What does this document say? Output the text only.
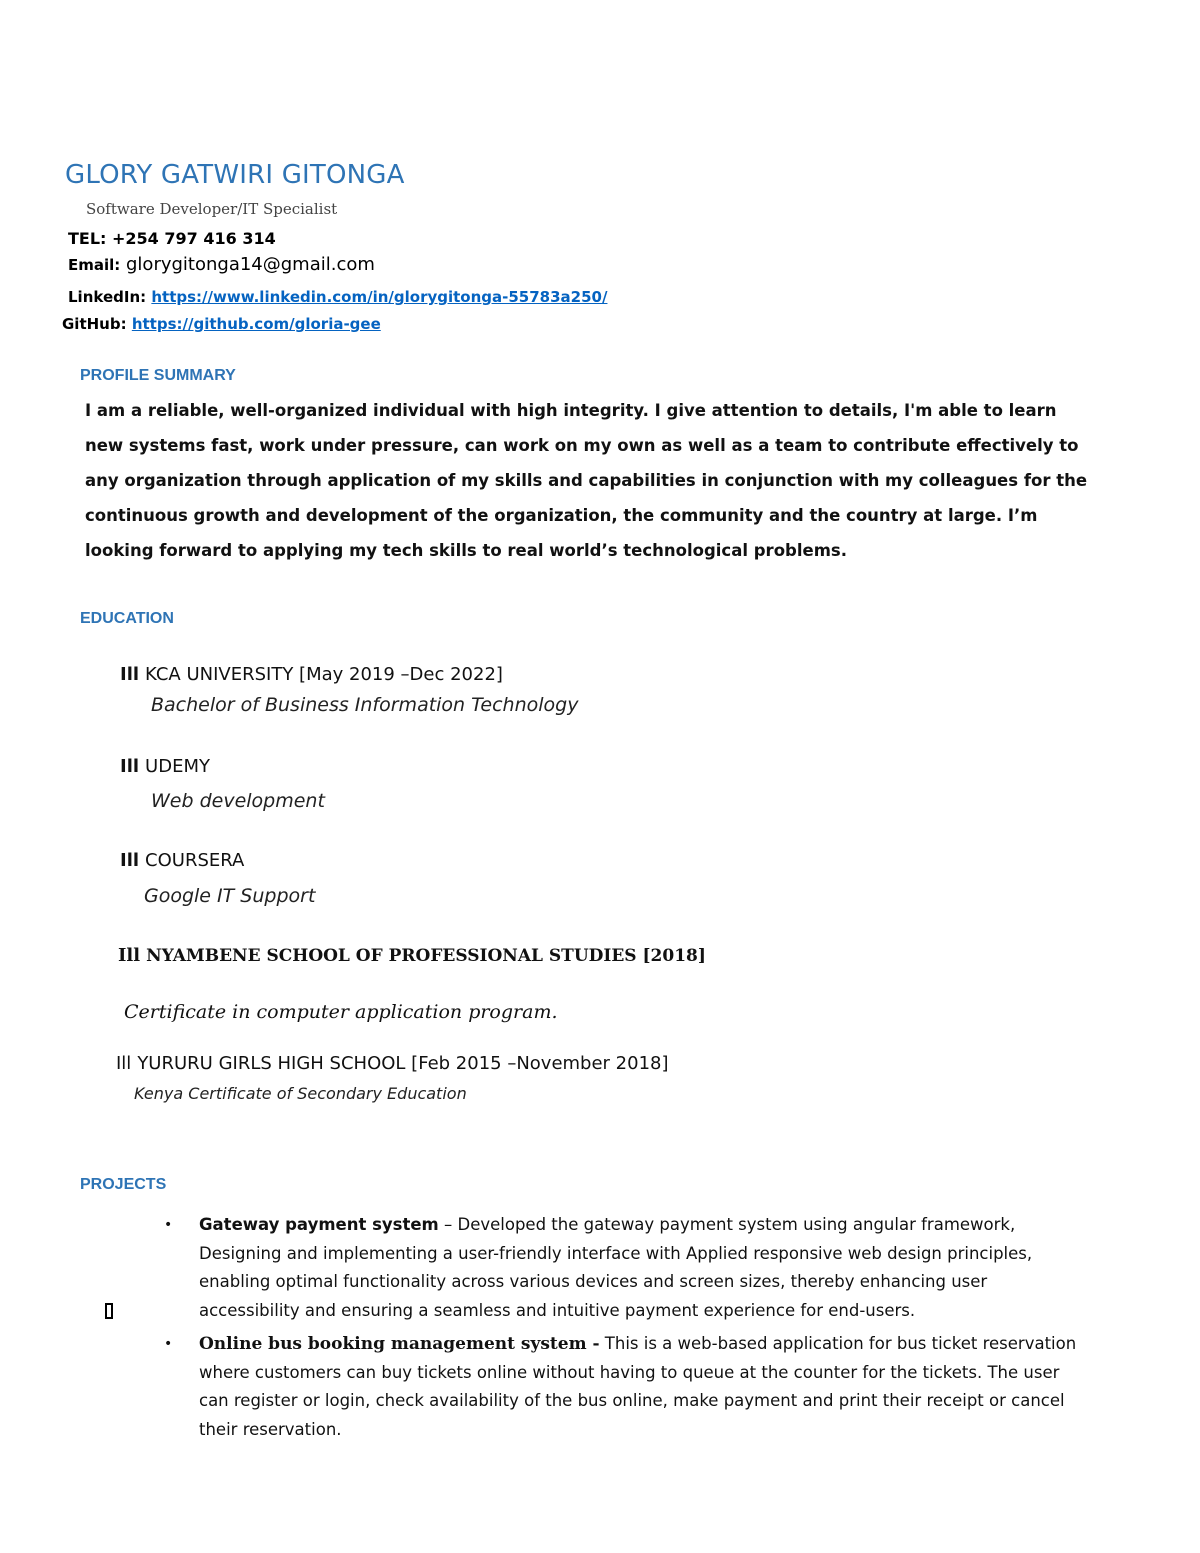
GLORY GATWIRI GITONGA
Software Developer/IT Specialist
TEL: +254 797 416 314
Email: glorygitonga14@gmail.com
LinkedIn: https://www.linkedin.com/in/glorygitonga-55783a250/
GitHub: https://github.com/gloria-gee
PROFILE SUMMARY
I am a reliable, well-organized individual with high integrity. I give attention to details, I'm able to learn new systems fast, work under pressure, can work on my own as well as a team to contribute effectively to any organization through application of my skills and capabilities in conjunction with my colleagues for the continuous growth and development of the organization, the community and the country at large. I’m looking forward to applying my tech skills to real world’s technological problems.
EDUCATION
Ill KCA UNIVERSITY [May 2019 –Dec 2022]
Bachelor of Business Information Technology
Ill UDEMY
Web development
Ill COURSERA
Google IT Support
Ill NYAMBENE SCHOOL OF PROFESSIONAL STUDIES [2018]
Certificate in computer application program.
Ill YURURU GIRLS HIGH SCHOOL [Feb 2015 –November 2018]
Kenya Certificate of Secondary Education
PROJECTS
• Gateway payment system – Developed the gateway payment system using angular framework, Designing and implementing a user-friendly interface with Applied responsive web design principles, enabling optimal functionality across various devices and screen sizes, thereby enhancing user accessibility and ensuring a seamless and intuitive payment experience for end-users.
• Online bus booking management system - This is a web-based application for bus ticket reservation where customers can buy tickets online without having to queue at the counter for the tickets. The user can register or login, check availability of the bus online, make payment and print their receipt or cancel their reservation.
